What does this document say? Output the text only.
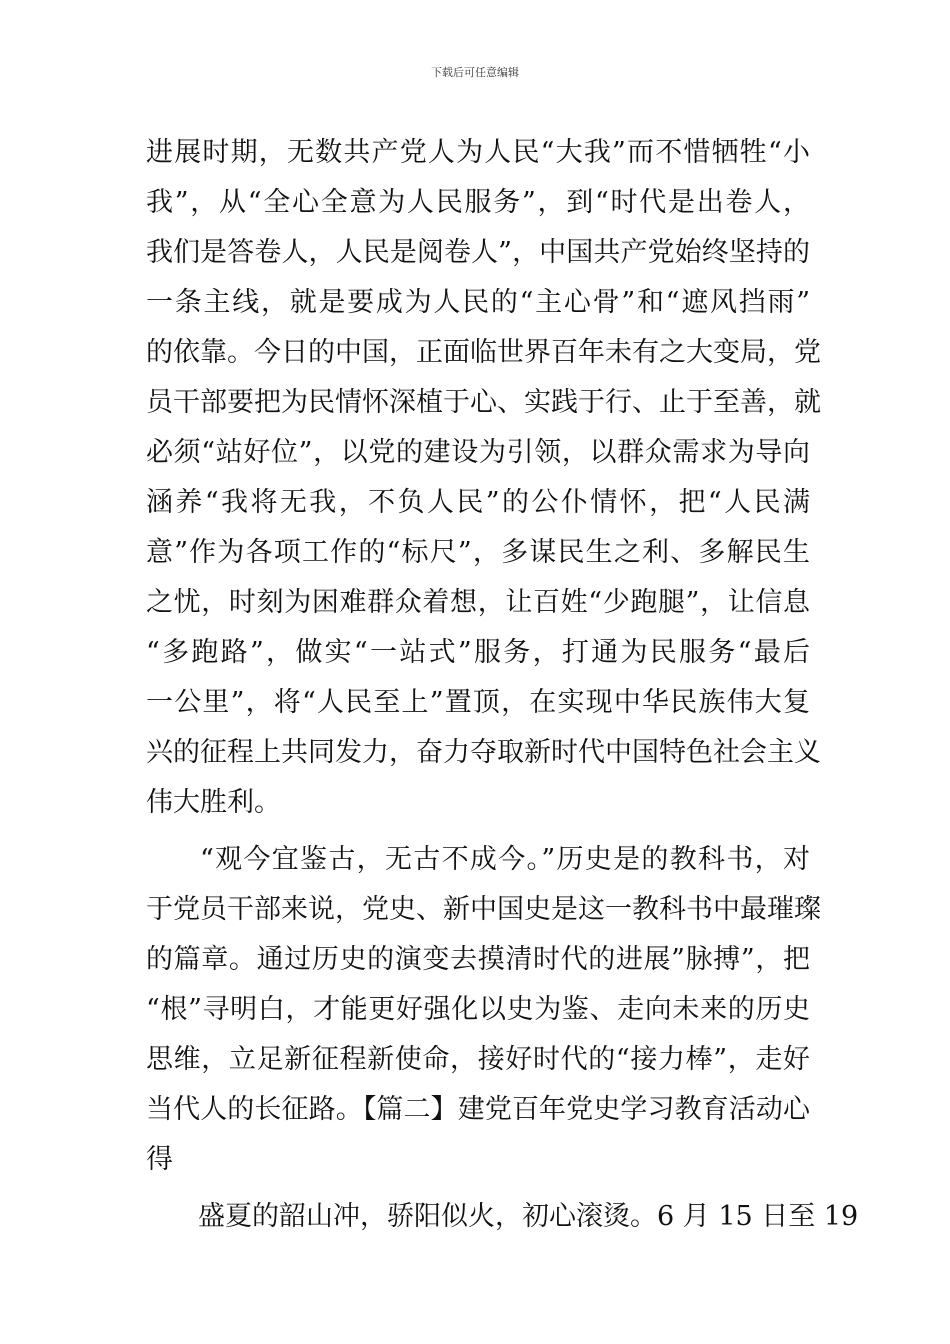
下载后可任意编辑
进展时期，无数共产党人为人民“大我”而不惜牺牲“小
我”，从“全心全意为人民服务”，到“时代是出卷人，
我们是答卷人，人民是阅卷人”，中国共产党始终坚持的
一条主线，就是要成为人民的“主心骨”和“遮风挡雨”
的依靠。今日的中国，正面临世界百年未有之大变局，党
员干部要把为民情怀深植于心、实践于行、止于至善，就
必须“站好位”，以党的建设为引领，以群众需求为导向
涵养“我将无我，不负人民”的公仆情怀，把“人民满
意”作为各项工作的“标尺”，多谋民生之利、多解民生
之忧，时刻为困难群众着想，让百姓“少跑腿”，让信息
“多跑路”，做实“一站式”服务，打通为民服务“最后
一公里”，将“人民至上”置顶，在实现中华民族伟大复
兴的征程上共同发力，奋力夺取新时代中国特色社会主义
伟大胜利。
“观今宜鉴古，无古不成今。”历史是的教科书，对
于党员干部来说，党史、新中国史是这一教科书中最璀璨
的篇章。通过历史的演变去摸清时代的进展”脉搏”，把
“根”寻明白，才能更好强化以史为鉴、走向未来的历史
思维，立足新征程新使命，接好时代的“接力棒”，走好
当代人的长征路。【篇二】建党百年党史学习教育活动心
得
盛夏的韶山冲，骄阳似火，初心滚烫。6 月 15 日至 19
